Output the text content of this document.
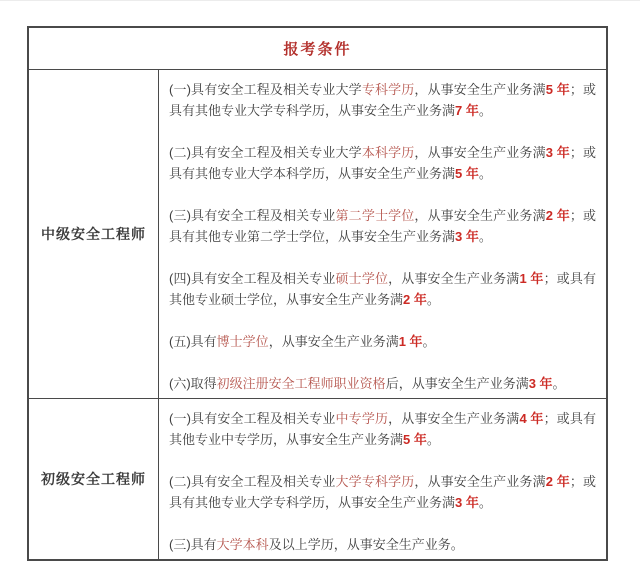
报考条件
中级安全工程师

(一)具有安全工程及相关专业大学专科学历，从事安全生产业务满5 年；或具有其他专业大学专科学历，从事安全生产业务满7 年。

(二)具有安全工程及相关专业大学本科学历，从事安全生产业务满3 年；或具有其他专业大学本科学历，从事安全生产业务满5 年。

(三)具有安全工程及相关专业第二学士学位，从事安全生产业务满2 年；或具有其他专业第二学士学位，从事安全生产业务满3 年。

(四)具有安全工程及相关专业硕士学位，从事安全生产业务满1 年；或具有其他专业硕士学位，从事安全生产业务满2 年。

(五)具有博士学位，从事安全生产业务满1 年。

(六)取得初级注册安全工程师职业资格后，从事安全生产业务满3 年。

初级安全工程师

(一)具有安全工程及相关专业中专学历，从事安全生产业务满4 年；或具有其他专业中专学历，从事安全生产业务满5 年。

(二)具有安全工程及相关专业大学专科学历，从事安全生产业务满2 年；或具有其他专业大学专科学历，从事安全生产业务满3 年。

(三)具有大学本科及以上学历，从事安全生产业务。
